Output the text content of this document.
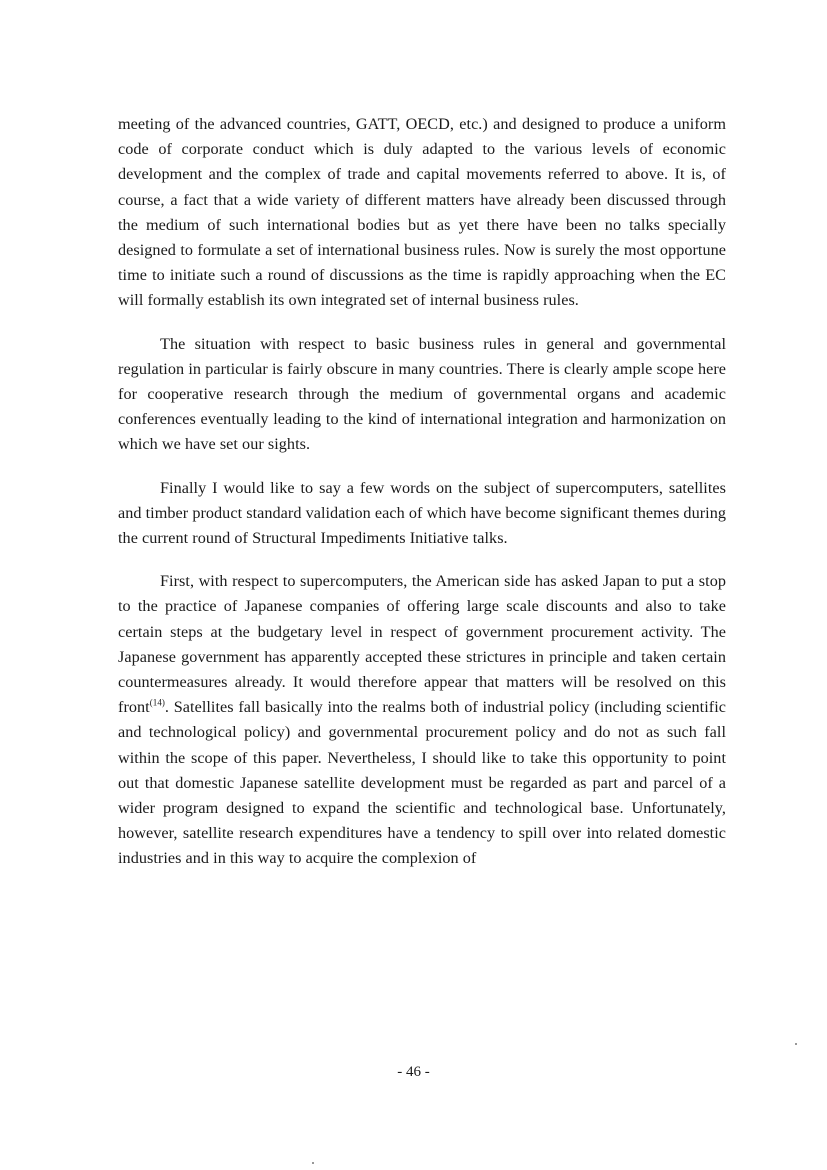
meeting of the advanced countries, GATT, OECD, etc.) and designed to produce a uniform code of corporate conduct which is duly adapted to the various levels of economic development and the complex of trade and capital movements referred to above. It is, of course, a fact that a wide variety of different matters have already been discussed through the medium of such international bodies but as yet there have been no talks specially designed to formulate a set of international business rules. Now is surely the most opportune time to initiate such a round of discussions as the time is rapidly approaching when the EC will formally establish its own integrated set of internal business rules.

The situation with respect to basic business rules in general and governmental regulation in particular is fairly obscure in many countries. There is clearly ample scope here for cooperative research through the medium of governmental organs and academic conferences eventually leading to the kind of international integration and harmonization on which we have set our sights.

Finally I would like to say a few words on the subject of supercomputers, satellites and timber product standard validation each of which have become significant themes during the current round of Structural Impediments Initiative talks.

First, with respect to supercomputers, the American side has asked Japan to put a stop to the practice of Japanese companies of offering large scale discounts and also to take certain steps at the budgetary level in respect of government procurement activity. The Japanese government has apparently accepted these strictures in principle and taken certain countermeasures already. It would therefore appear that matters will be resolved on this front$^{(14)}$. Satellites fall basically into the realms both of industrial policy (including scientific and technological policy) and governmental procurement policy and do not as such fall within the scope of this paper. Nevertheless, I should like to take this opportunity to point out that domestic Japanese satellite development must be regarded as part and parcel of a wider program designed to expand the scientific and technological base. Unfortunately, however, satellite research expenditures have a tendency to spill over into related domestic industries and in this way to acquire the complexion of

- 46 -
